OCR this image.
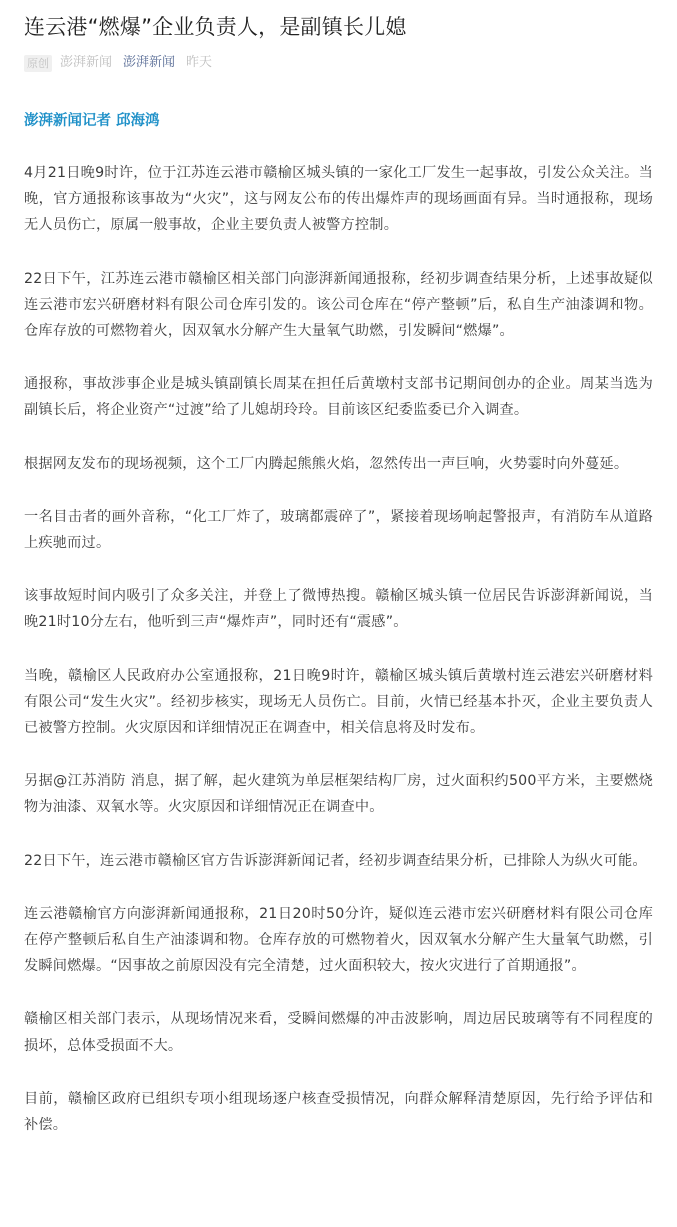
连云港“燃爆”企业负责人，是副镇长儿媳
原创 澎湃新闻 澎湃新闻 昨天
澎湃新闻记者 邱海鸿

4月21日晚9时许，位于江苏连云港市赣榆区城头镇的一家化工厂发生一起事故，引发公众关注。当晚，官方通报称该事故为“火灾”，这与网友公布的传出爆炸声的现场画面有异。当时通报称，现场无人员伤亡，原属一般事故，企业主要负责人被警方控制。

22日下午，江苏连云港市赣榆区相关部门向澎湃新闻通报称，经初步调查结果分析，上述事故疑似连云港市宏兴研磨材料有限公司仓库引发的。该公司仓库在“停产整顿”后，私自生产油漆调和物。仓库存放的可燃物着火，因双氧水分解产生大量氧气助燃，引发瞬间“燃爆”。

通报称，事故涉事企业是城头镇副镇长周某在担任后黄墩村支部书记期间创办的企业。周某当选为副镇长后，将企业资产“过渡”给了儿媳胡玲玲。目前该区纪委监委已介入调查。

根据网友发布的现场视频，这个工厂内腾起熊熊火焰，忽然传出一声巨响，火势霎时向外蔓延。

一名目击者的画外音称，“化工厂炸了，玻璃都震碎了”，紧接着现场响起警报声，有消防车从道路上疾驰而过。

该事故短时间内吸引了众多关注，并登上了微博热搜。赣榆区城头镇一位居民告诉澎湃新闻说，当晚21时10分左右，他听到三声“爆炸声”，同时还有“震感”。

当晚，赣榆区人民政府办公室通报称，21日晚9时许，赣榆区城头镇后黄墩村连云港宏兴研磨材料有限公司“发生火灾”。经初步核实，现场无人员伤亡。目前，火情已经基本扑灭，企业主要负责人已被警方控制。火灾原因和详细情况正在调查中，相关信息将及时发布。

另据@江苏消防 消息，据了解，起火建筑为单层框架结构厂房，过火面积约500平方米，主要燃烧物为油漆、双氧水等。火灾原因和详细情况正在调查中。

22日下午，连云港市赣榆区官方告诉澎湃新闻记者，经初步调查结果分析，已排除人为纵火可能。

连云港赣榆官方向澎湃新闻通报称，21日20时50分许，疑似连云港市宏兴研磨材料有限公司仓库在停产整顿后私自生产油漆调和物。仓库存放的可燃物着火，因双氧水分解产生大量氧气助燃，引发瞬间燃爆。“因事故之前原因没有完全清楚，过火面积较大，按火灾进行了首期通报”。

赣榆区相关部门表示，从现场情况来看，受瞬间燃爆的冲击波影响，周边居民玻璃等有不同程度的损坏，总体受损面不大。

目前，赣榆区政府已组织专项小组现场逐户核查受损情况，向群众解释清楚原因，先行给予评估和补偿。
